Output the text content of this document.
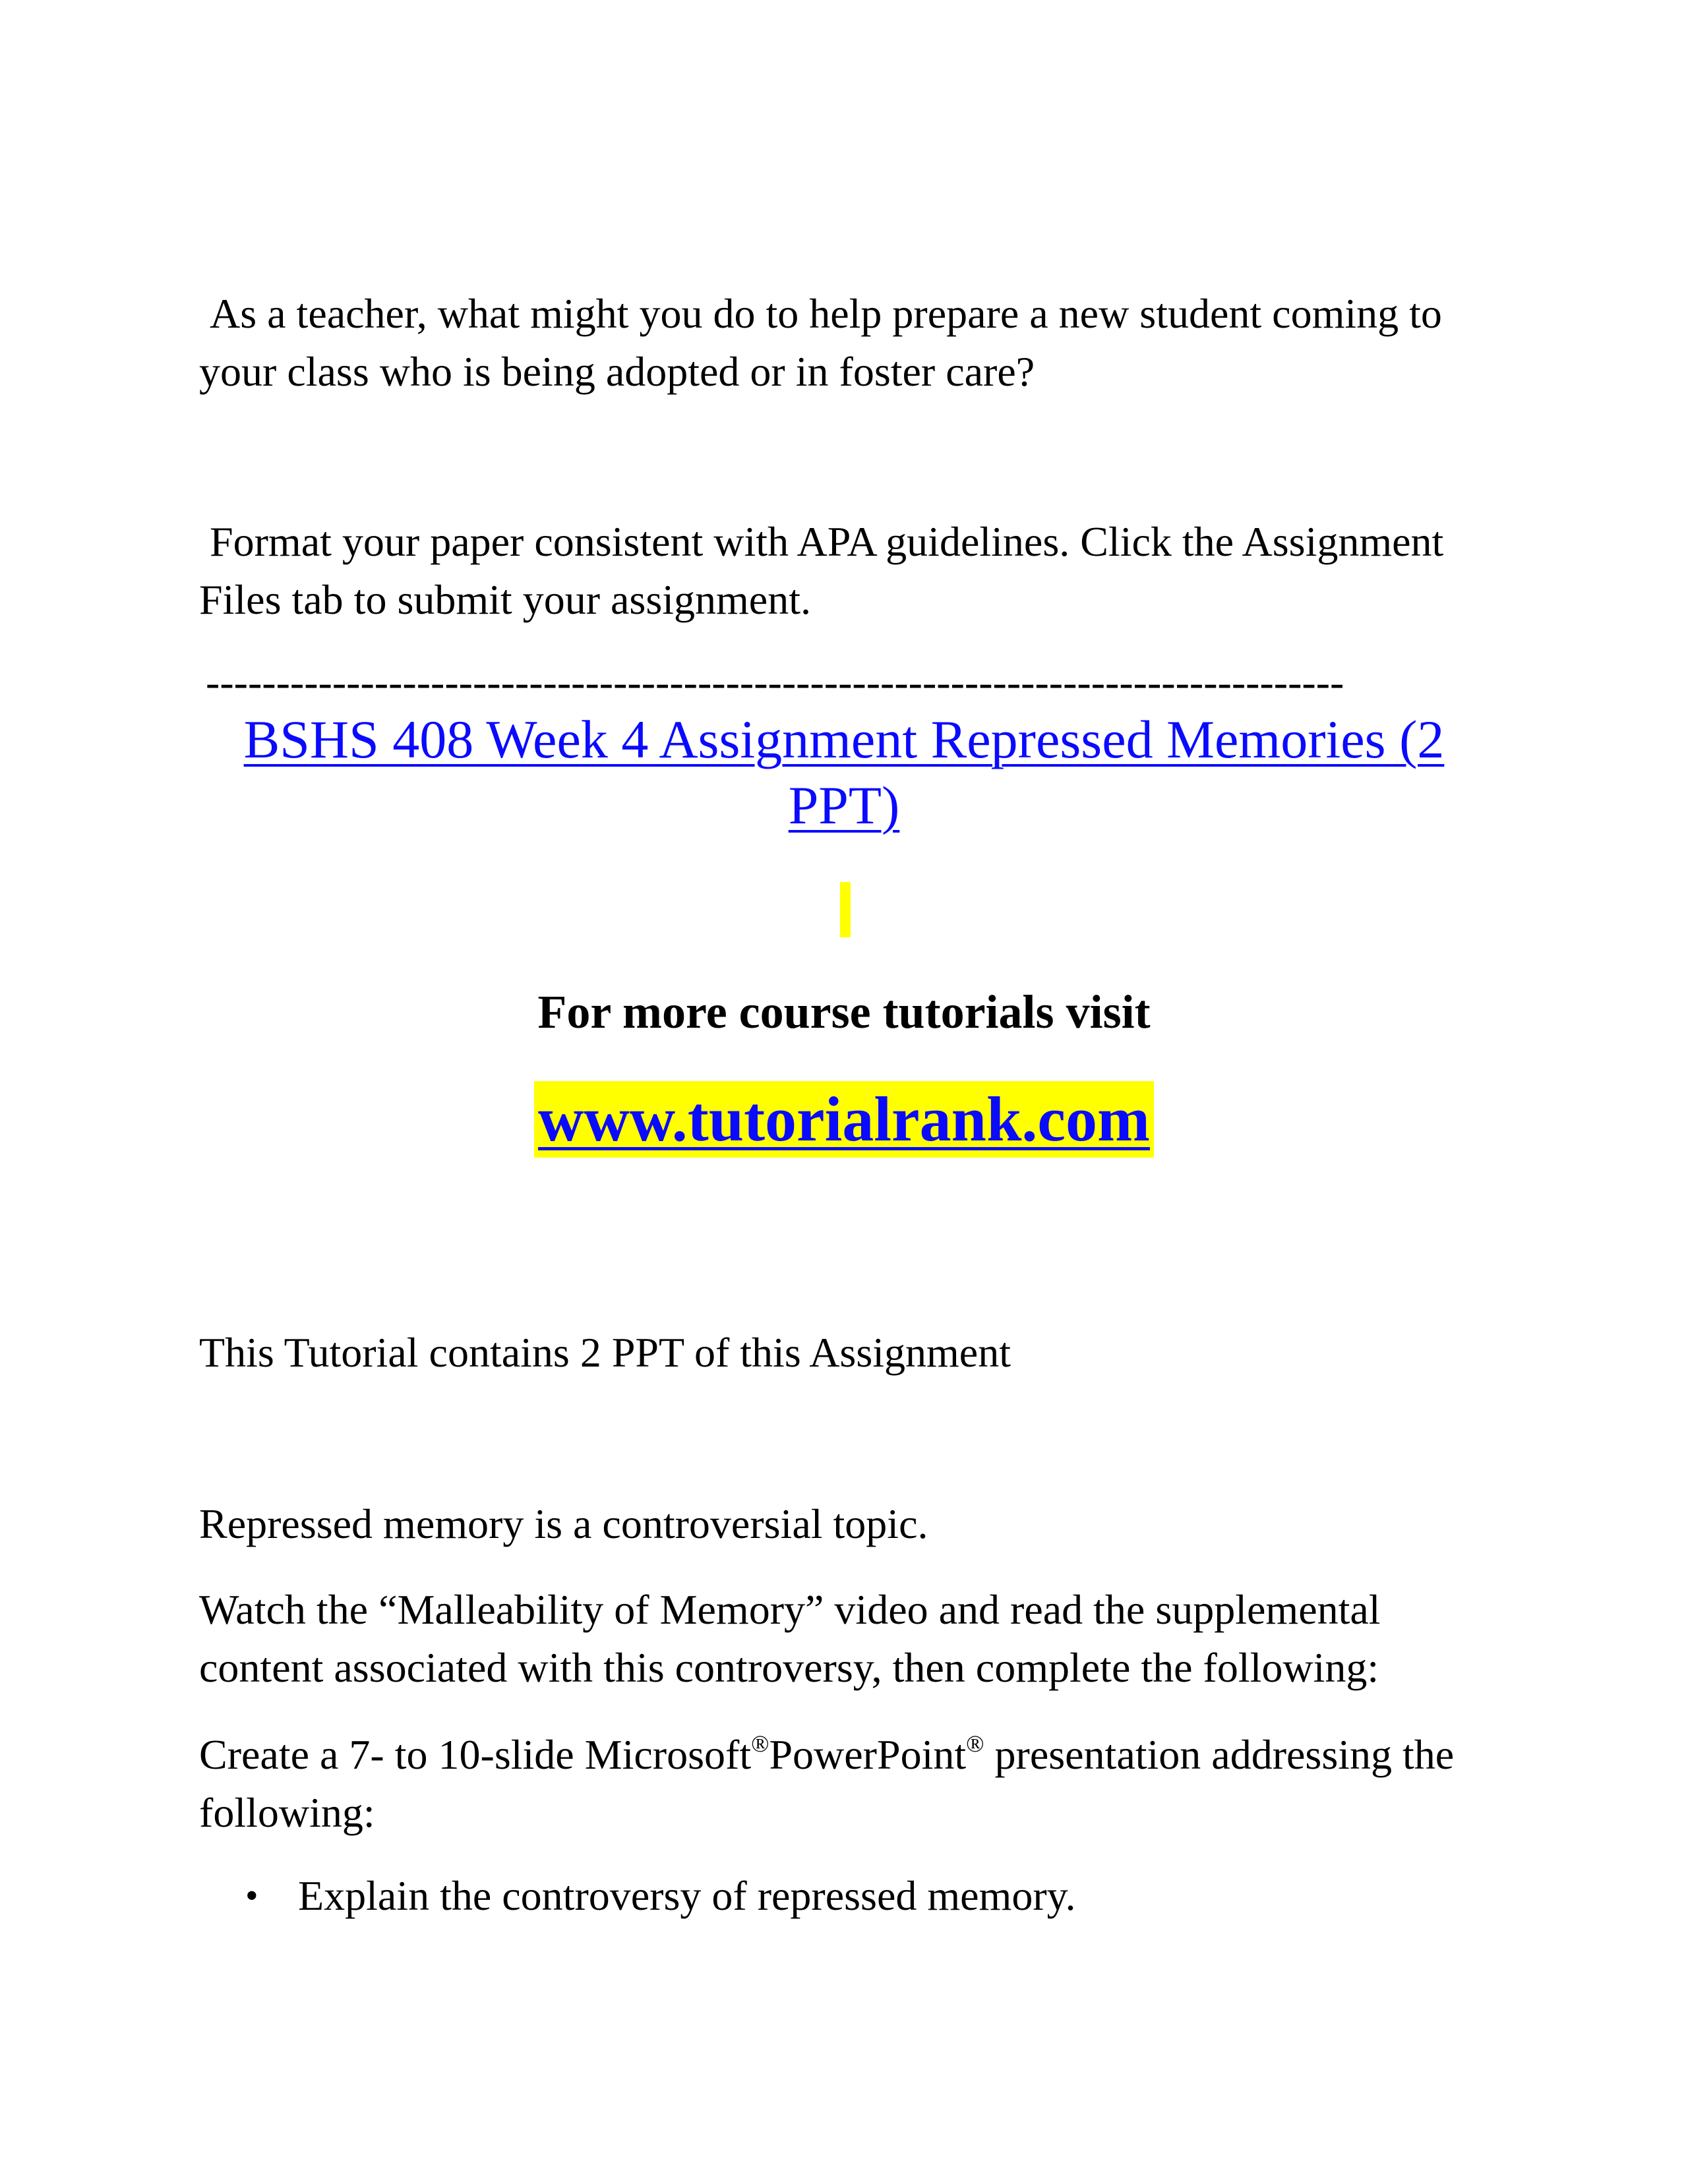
As a teacher, what might you do to help prepare a new student coming to your class who is being adopted or in foster care?

Format your paper consistent with APA guidelines. Click the Assignment Files tab to submit your assignment.

---------------------------------------------------------------------------------
BSHS 408 Week 4 Assignment Repressed Memories (2
PPT)
For more course tutorials visit
www.tutorialrank.com

This Tutorial contains 2 PPT of this Assignment

Repressed memory is a controversial topic.

Watch the “Malleability of Memory” video and read the supplemental content associated with this controversy, then complete the following:

Create a 7- to 10-slide Microsoft®PowerPoint® presentation addressing the following:

• Explain the controversy of repressed memory.
